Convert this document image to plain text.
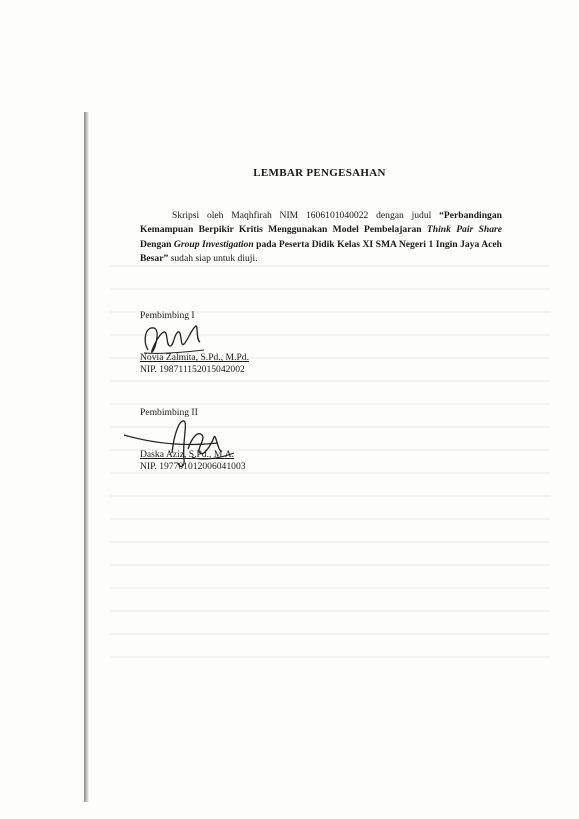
LEMBAR PENGESAHAN
Skripsi oleh Maqhfirah NIM 1606101040022 dengan judul “Perbandingan Kemampuan Berpikir Kritis Menggunakan Model Pembelajaran Think Pair Share Dengan Group Investigation pada Peserta Didik Kelas XI SMA Negeri 1 Ingin Jaya Aceh Besar” sudah siap untuk diuji.
Pembimbing I
Novia Zalmita, S.Pd., M.Pd.
NIP. 198711152015042002
Pembimbing II
Daska Aziz, S.Pd., M.A.
NIP. 197701012006041003
